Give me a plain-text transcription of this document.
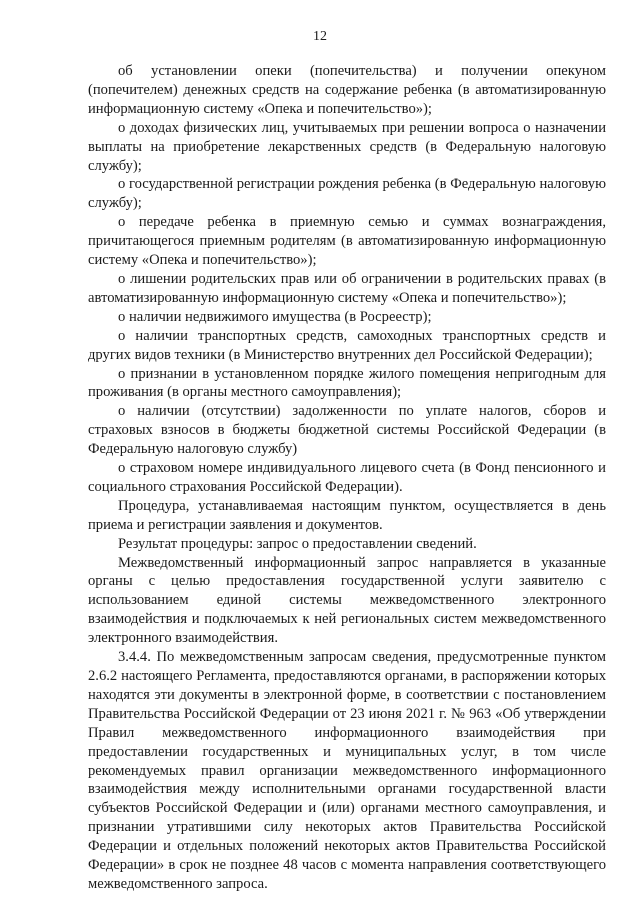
12

об установлении опеки (попечительства) и получении опекуном (попечителем) денежных средств на содержание ребенка (в автоматизированную информационную систему «Опека и попечительство»);

о доходах физических лиц, учитываемых при решении вопроса о назначении выплаты на приобретение лекарственных средств (в Федеральную налоговую службу);

о государственной регистрации рождения ребенка (в Федеральную налоговую службу);

о передаче ребенка в приемную семью и суммах вознаграждения, причитающегося приемным родителям (в автоматизированную информационную систему «Опека и попечительство»);

о лишении родительских прав или об ограничении в родительских правах (в автоматизированную информационную систему «Опека и попечительство»);

о наличии недвижимого имущества (в Росреестр);

о наличии транспортных средств, самоходных транспортных средств и других видов техники (в Министерство внутренних дел Российской Федерации);

о признании в установленном порядке жилого помещения непригодным для проживания (в органы местного самоуправления);

о наличии (отсутствии) задолженности по уплате налогов, сборов и страховых взносов в бюджеты бюджетной системы Российской Федерации (в Федеральную налоговую службу)

о страховом номере индивидуального лицевого счета (в Фонд пенсионного и социального страхования Российской Федерации).

Процедура, устанавливаемая настоящим пунктом, осуществляется в день приема и регистрации заявления и документов.

Результат процедуры: запрос о предоставлении сведений.

Межведомственный информационный запрос направляется в указанные органы с целью предоставления государственной услуги заявителю с использованием единой системы межведомственного электронного взаимодействия и подключаемых к ней региональных систем межведомственного электронного взаимодействия.

3.4.4. По межведомственным запросам сведения, предусмотренные пунктом 2.6.2 настоящего Регламента, предоставляются органами, в распоряжении которых находятся эти документы в электронной форме, в соответствии с постановлением Правительства Российской Федерации от 23 июня 2021 г. № 963 «Об утверждении Правил межведомственного информационного взаимодействия при предоставлении государственных и муниципальных услуг, в том числе рекомендуемых правил организации межведомственного информационного взаимодействия между исполнительными органами государственной власти субъектов Российской Федерации и (или) органами местного самоуправления, и признании утратившими силу некоторых актов Правительства Российской Федерации и отдельных положений некоторых актов Правительства Российской Федерации» в срок не позднее 48 часов с момента направления соответствующего межведомственного запроса.
